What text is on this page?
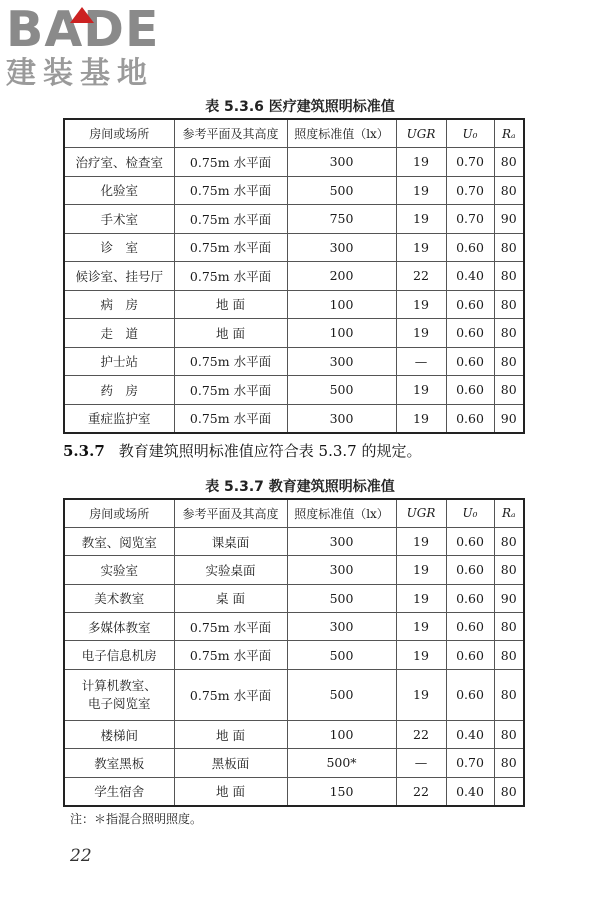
BADE
建装基地
表 5.3.6 医疗建筑照明标准值
房间或场所	参考平面及其高度	照度标准值（lx）	UGR	U₀	Rₐ
治疗室、检查室	0.75m 水平面	300	19	0.70	80
化验室	0.75m 水平面	500	19	0.70	80
手术室	0.75m 水平面	750	19	0.70	90
诊　室	0.75m 水平面	300	19	0.60	80
候诊室、挂号厅	0.75m 水平面	200	22	0.40	80
病　房	地 面	100	19	0.60	80
走　道	地 面	100	19	0.60	80
护士站	0.75m 水平面	300	—	0.60	80
药　房	0.75m 水平面	500	19	0.60	80
重症监护室	0.75m 水平面	300	19	0.60	90
5.3.7 教育建筑照明标准值应符合表 5.3.7 的规定。
表 5.3.7 教育建筑照明标准值
房间或场所	参考平面及其高度	照度标准值（lx）	UGR	U₀	Rₐ
教室、阅览室	课桌面	300	19	0.60	80
实验室	实验桌面	300	19	0.60	80
美术教室	桌 面	500	19	0.60	90
多媒体教室	0.75m 水平面	300	19	0.60	80
电子信息机房	0.75m 水平面	500	19	0.60	80
计算机教室、
电子阅览室	0.75m 水平面	500	19	0.60	80
楼梯间	地 面	100	22	0.40	80
教室黑板	黑板面	500*	—	0.70	80
学生宿舍	地 面	150	22	0.40	80
注：＊指混合照明照度。
22
